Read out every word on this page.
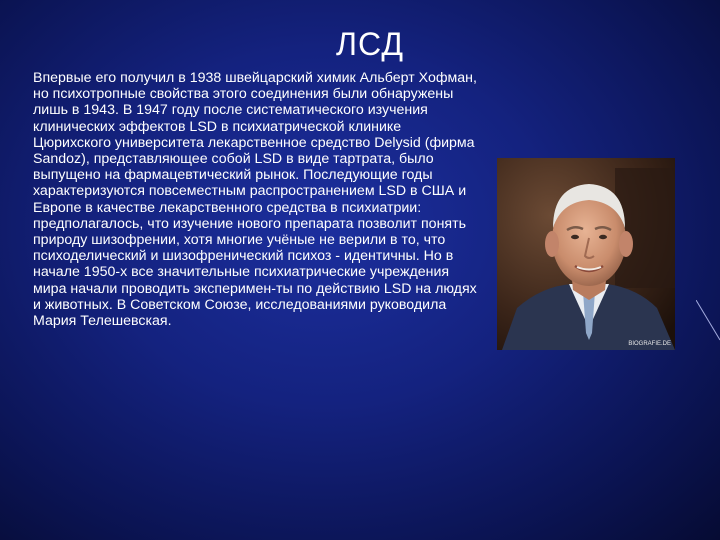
ЛСД
Впервые его получил в 1938 швейцарский химик Альберт Хофман, но психотропные свойства этого соединения были обнаружены лишь в 1943. В 1947 году после систематического изучения клинических эффектов LSD в психиатрической клинике Цюрихского университета лекарственное средство Delysid (фирма Sandoz), представляющее собой LSD в виде тартрата, было выпущено на фармацевтический рынок. Последующие годы характеризуются повсеместным распространением LSD в США и Европе в качестве лекарственного средства в психиатрии: предполагалось, что изучение нового препарата позволит понять природу шизофрении, хотя многие учёные не верили в то, что психоделический и шизофренический психоз - идентичны. Но в начале 1950-х все значительные психиатрические учреждения мира начали проводить эксперимен-ты по действию LSD на людях и животных. В Советском Союзе, исследованиями руководила Мария Телешевская.
BIOGRAFIE.DE
